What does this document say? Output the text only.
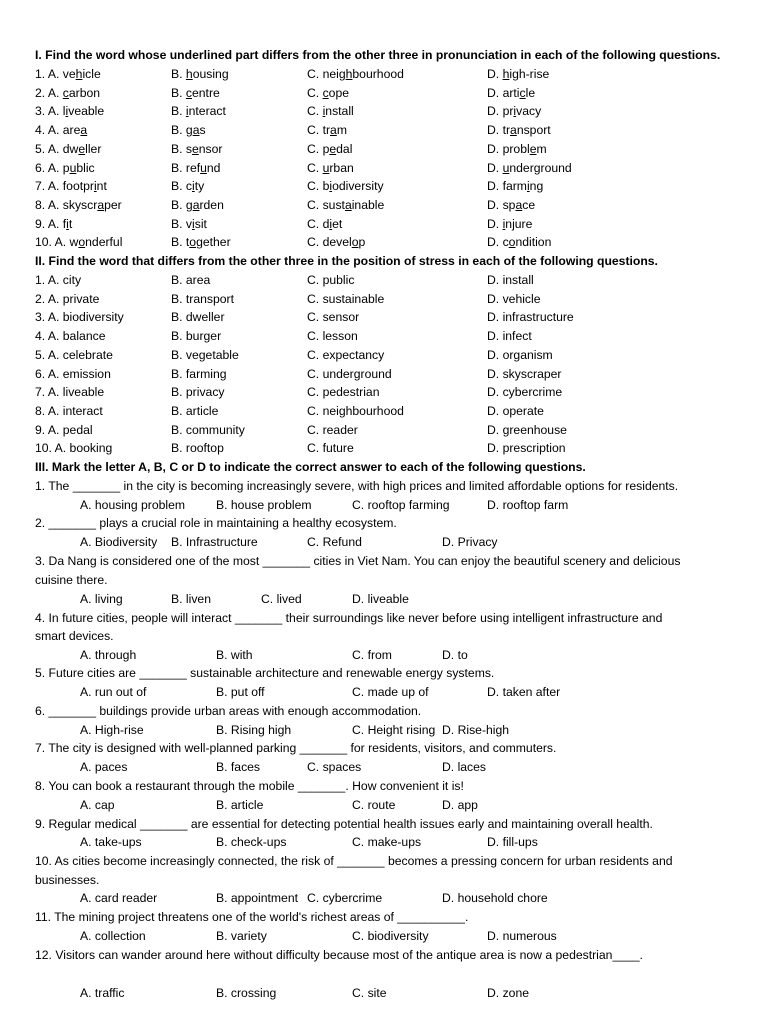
I. Find the word whose underlined part differs from the other three in pronunciation in each of the following questions.
1. A. vehicle	B. housing	C. neighbourhood	D. high-rise
2. A. carbon	B. centre	C. cope	D. article
3. A. liveable	B. interact	C. install	D. privacy
4. A. area	B. gas	C. tram	D. transport
5. A. dweller	B. sensor	C. pedal	D. problem
6. A. public	B. refund	C. urban	D. underground
7. A. footprint	B. city	C. biodiversity	D. farming
8. A. skyscraper	B. garden	C. sustainable	D. space
9. A. fit	B. visit	C. diet	D. injure
10. A. wonderful	B. together	C. develop	D. condition
II. Find the word that differs from the other three in the position of stress in each of the following questions.
1. A. city	B. area	C. public	D. install
2. A. private	B. transport	C. sustainable	D. vehicle
3. A. biodiversity	B. dweller	C. sensor	D. infrastructure
4. A. balance	B. burger	C. lesson	D. infect
5. A. celebrate	B. vegetable	C. expectancy	D. organism
6. A. emission	B. farming	C. underground	D. skyscraper
7. A. liveable	B. privacy	C. pedestrian	D. cybercrime
8. A. interact	B. article	C. neighbourhood	D. operate
9. A. pedal	B. community	C. reader	D. greenhouse
10. A. booking	B. rooftop	C. future	D. prescription
III. Mark the letter A, B, C or D to indicate the correct answer to each of the following questions.
1. The _______ in the city is becoming increasingly severe, with high prices and limited affordable options for residents.
A. housing problem	B. house problem	C. rooftop farming	D. rooftop farm
2. _______ plays a crucial role in maintaining a healthy ecosystem.
A. Biodiversity B. Infrastructure	C. Refund	D. Privacy
3. Da Nang is considered one of the most _______ cities in Viet Nam. You can enjoy the beautiful scenery and delicious
cuisine there.
A. living	B. liven	C. lived	D. liveable
4. In future cities, people will interact _______ their surroundings like never before using intelligent infrastructure and
smart devices.
A. through	B. with	C. from	D. to
5. Future cities are _______ sustainable architecture and renewable energy systems.
A. run out of	B. put off	C. made up of	D. taken after
6. _______ buildings provide urban areas with enough accommodation.
A. High-rise	B. Rising high	C. Height rising D. Rise-high
7. The city is designed with well-planned parking _______ for residents, visitors, and commuters.
A. paces	B. faces	C. spaces	D. laces
8. You can book a restaurant through the mobile _______. How convenient it is!
A. cap	B. article	C. route	D. app
9. Regular medical _______ are essential for detecting potential health issues early and maintaining overall health.
A. take-ups	B. check-ups	C. make-ups	D. fill-ups
10. As cities become increasingly connected, the risk of _______ becomes a pressing concern for urban residents and
businesses.
A. card reader	B. appointment C. cybercrime	D. household chore
11. The mining project threatens one of the world's richest areas of __________.
A. collection	B. variety	C. biodiversity	D. numerous
12. Visitors can wander around here without difficulty because most of the antique area is now a pedestrian____.
A. traffic	B. crossing	C. site	D. zone
